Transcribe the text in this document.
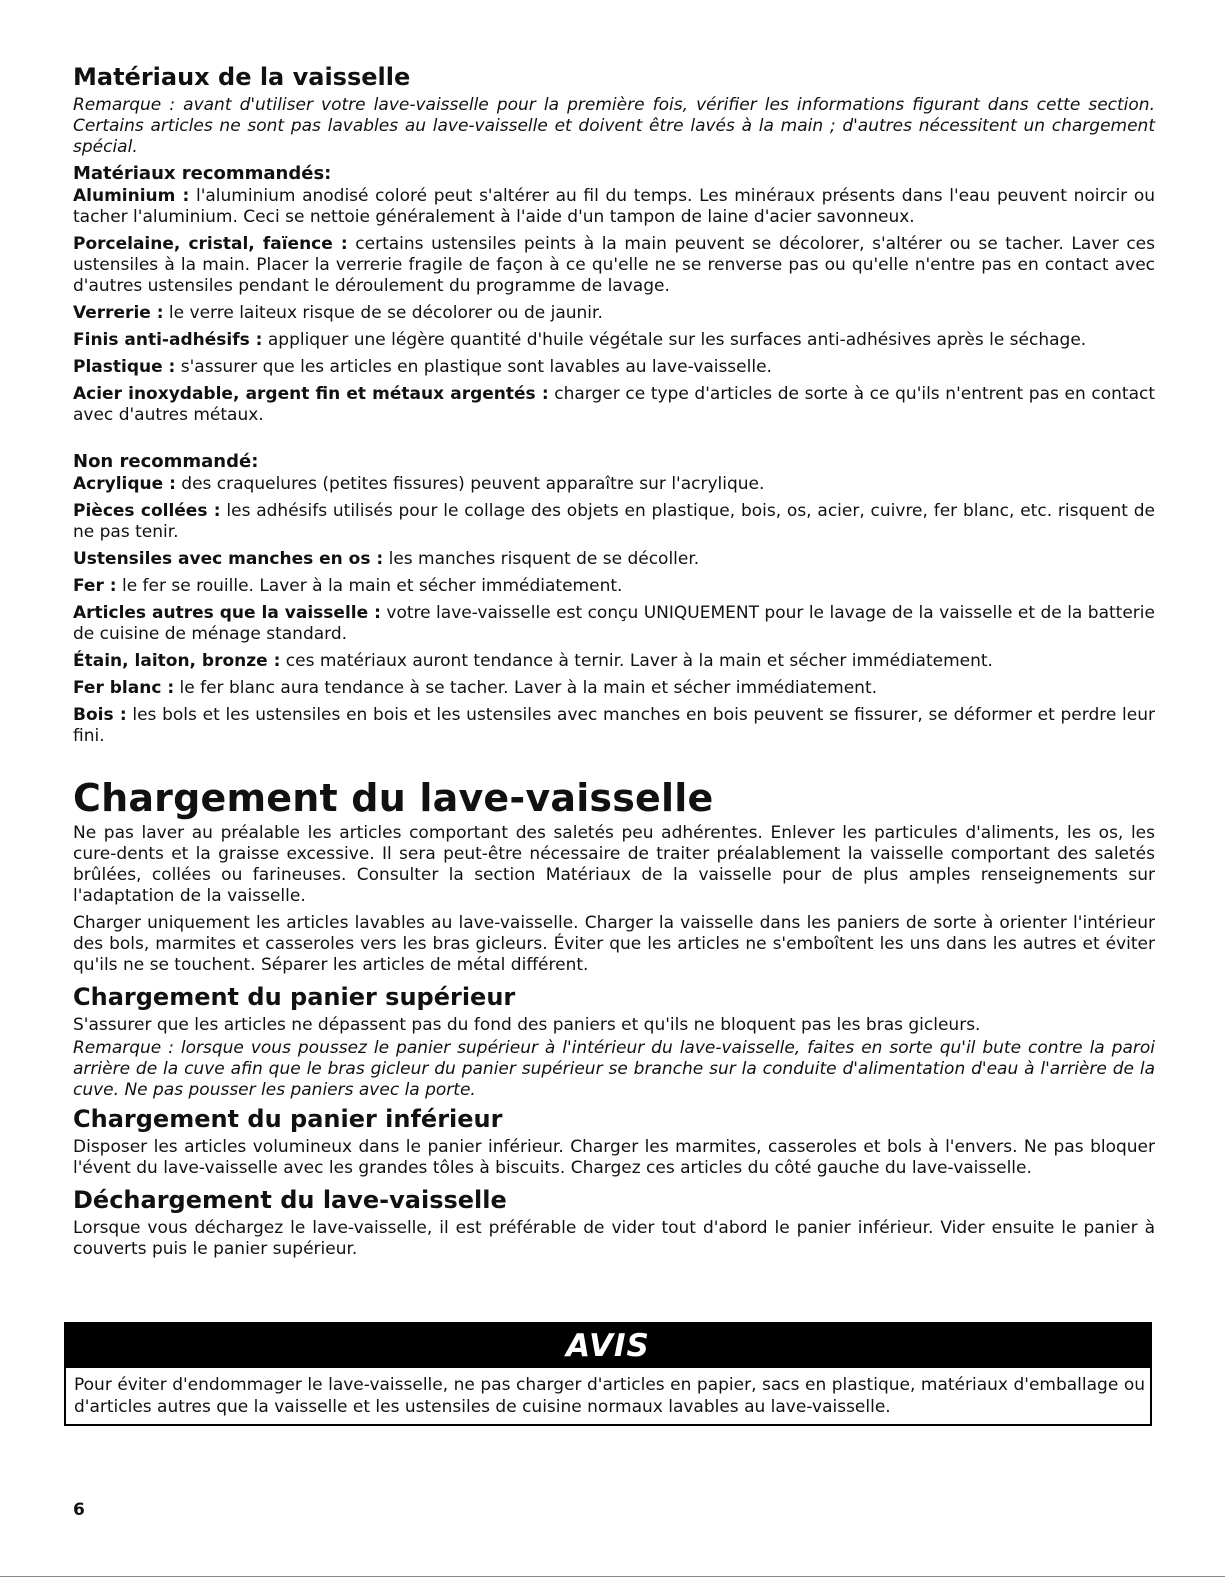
Matériaux de la vaisselle
Remarque : avant d'utiliser votre lave-vaisselle pour la première fois, vérifier les informations figurant dans cette section. Certains articles ne sont pas lavables au lave-vaisselle et doivent être lavés à la main ; d'autres nécessitent un chargement spécial.
Matériaux recommandés:
Aluminium : l'aluminium anodisé coloré peut s'altérer au fil du temps. Les minéraux présents dans l'eau peuvent noircir ou tacher l'aluminium. Ceci se nettoie généralement à l'aide d'un tampon de laine d'acier savonneux.
Porcelaine, cristal, faïence : certains ustensiles peints à la main peuvent se décolorer, s'altérer ou se tacher. Laver ces ustensiles à la main. Placer la verrerie fragile de façon à ce qu'elle ne se renverse pas ou qu'elle n'entre pas en contact avec d'autres ustensiles pendant le déroulement du programme de lavage.
Verrerie : le verre laiteux risque de se décolorer ou de jaunir.
Finis anti-adhésifs : appliquer une légère quantité d'huile végétale sur les surfaces anti-adhésives après le séchage.
Plastique : s'assurer que les articles en plastique sont lavables au lave-vaisselle.
Acier inoxydable, argent fin et métaux argentés : charger ce type d'articles de sorte à ce qu'ils n'entrent pas en contact avec d'autres métaux.
Non recommandé:
Acrylique : des craquelures (petites fissures) peuvent apparaître sur l'acrylique.
Pièces collées : les adhésifs utilisés pour le collage des objets en plastique, bois, os, acier, cuivre, fer blanc, etc. risquent de ne pas tenir.
Ustensiles avec manches en os : les manches risquent de se décoller.
Fer : le fer se rouille. Laver à la main et sécher immédiatement.
Articles autres que la vaisselle : votre lave-vaisselle est conçu UNIQUEMENT pour le lavage de la vaisselle et de la batterie de cuisine de ménage standard.
Étain, laiton, bronze : ces matériaux auront tendance à ternir. Laver à la main et sécher immédiatement.
Fer blanc : le fer blanc aura tendance à se tacher. Laver à la main et sécher immédiatement.
Bois : les bols et les ustensiles en bois et les ustensiles avec manches en bois peuvent se fissurer, se déformer et perdre leur fini.
Chargement du lave-vaisselle
Ne pas laver au préalable les articles comportant des saletés peu adhérentes. Enlever les particules d'aliments, les os, les cure-dents et la graisse excessive. Il sera peut-être nécessaire de traiter préalablement la vaisselle comportant des saletés brûlées, collées ou farineuses. Consulter la section Matériaux de la vaisselle pour de plus amples renseignements sur l'adaptation de la vaisselle.
Charger uniquement les articles lavables au lave-vaisselle. Charger la vaisselle dans les paniers de sorte à orienter l'intérieur des bols, marmites et casseroles vers les bras gicleurs. Éviter que les articles ne s'emboîtent les uns dans les autres et éviter qu'ils ne se touchent. Séparer les articles de métal différent.
Chargement du panier supérieur
S'assurer que les articles ne dépassent pas du fond des paniers et qu'ils ne bloquent pas les bras gicleurs.
Remarque : lorsque vous poussez le panier supérieur à l'intérieur du lave-vaisselle, faites en sorte qu'il bute contre la paroi arrière de la cuve afin que le bras gicleur du panier supérieur se branche sur la conduite d'alimentation d'eau à l'arrière de la cuve. Ne pas pousser les paniers avec la porte.
Chargement du panier inférieur
Disposer les articles volumineux dans le panier inférieur. Charger les marmites, casseroles et bols à l'envers. Ne pas bloquer l'évent du lave-vaisselle avec les grandes tôles à biscuits. Chargez ces articles du côté gauche du lave-vaisselle.
Déchargement du lave-vaisselle
Lorsque vous déchargez le lave-vaisselle, il est préférable de vider tout d'abord le panier inférieur. Vider ensuite le panier à couverts puis le panier supérieur.
AVIS
Pour éviter d'endommager le lave-vaisselle, ne pas charger d'articles en papier, sacs en plastique, matériaux d'emballage ou d'articles autres que la vaisselle et les ustensiles de cuisine normaux lavables au lave-vaisselle.
6
